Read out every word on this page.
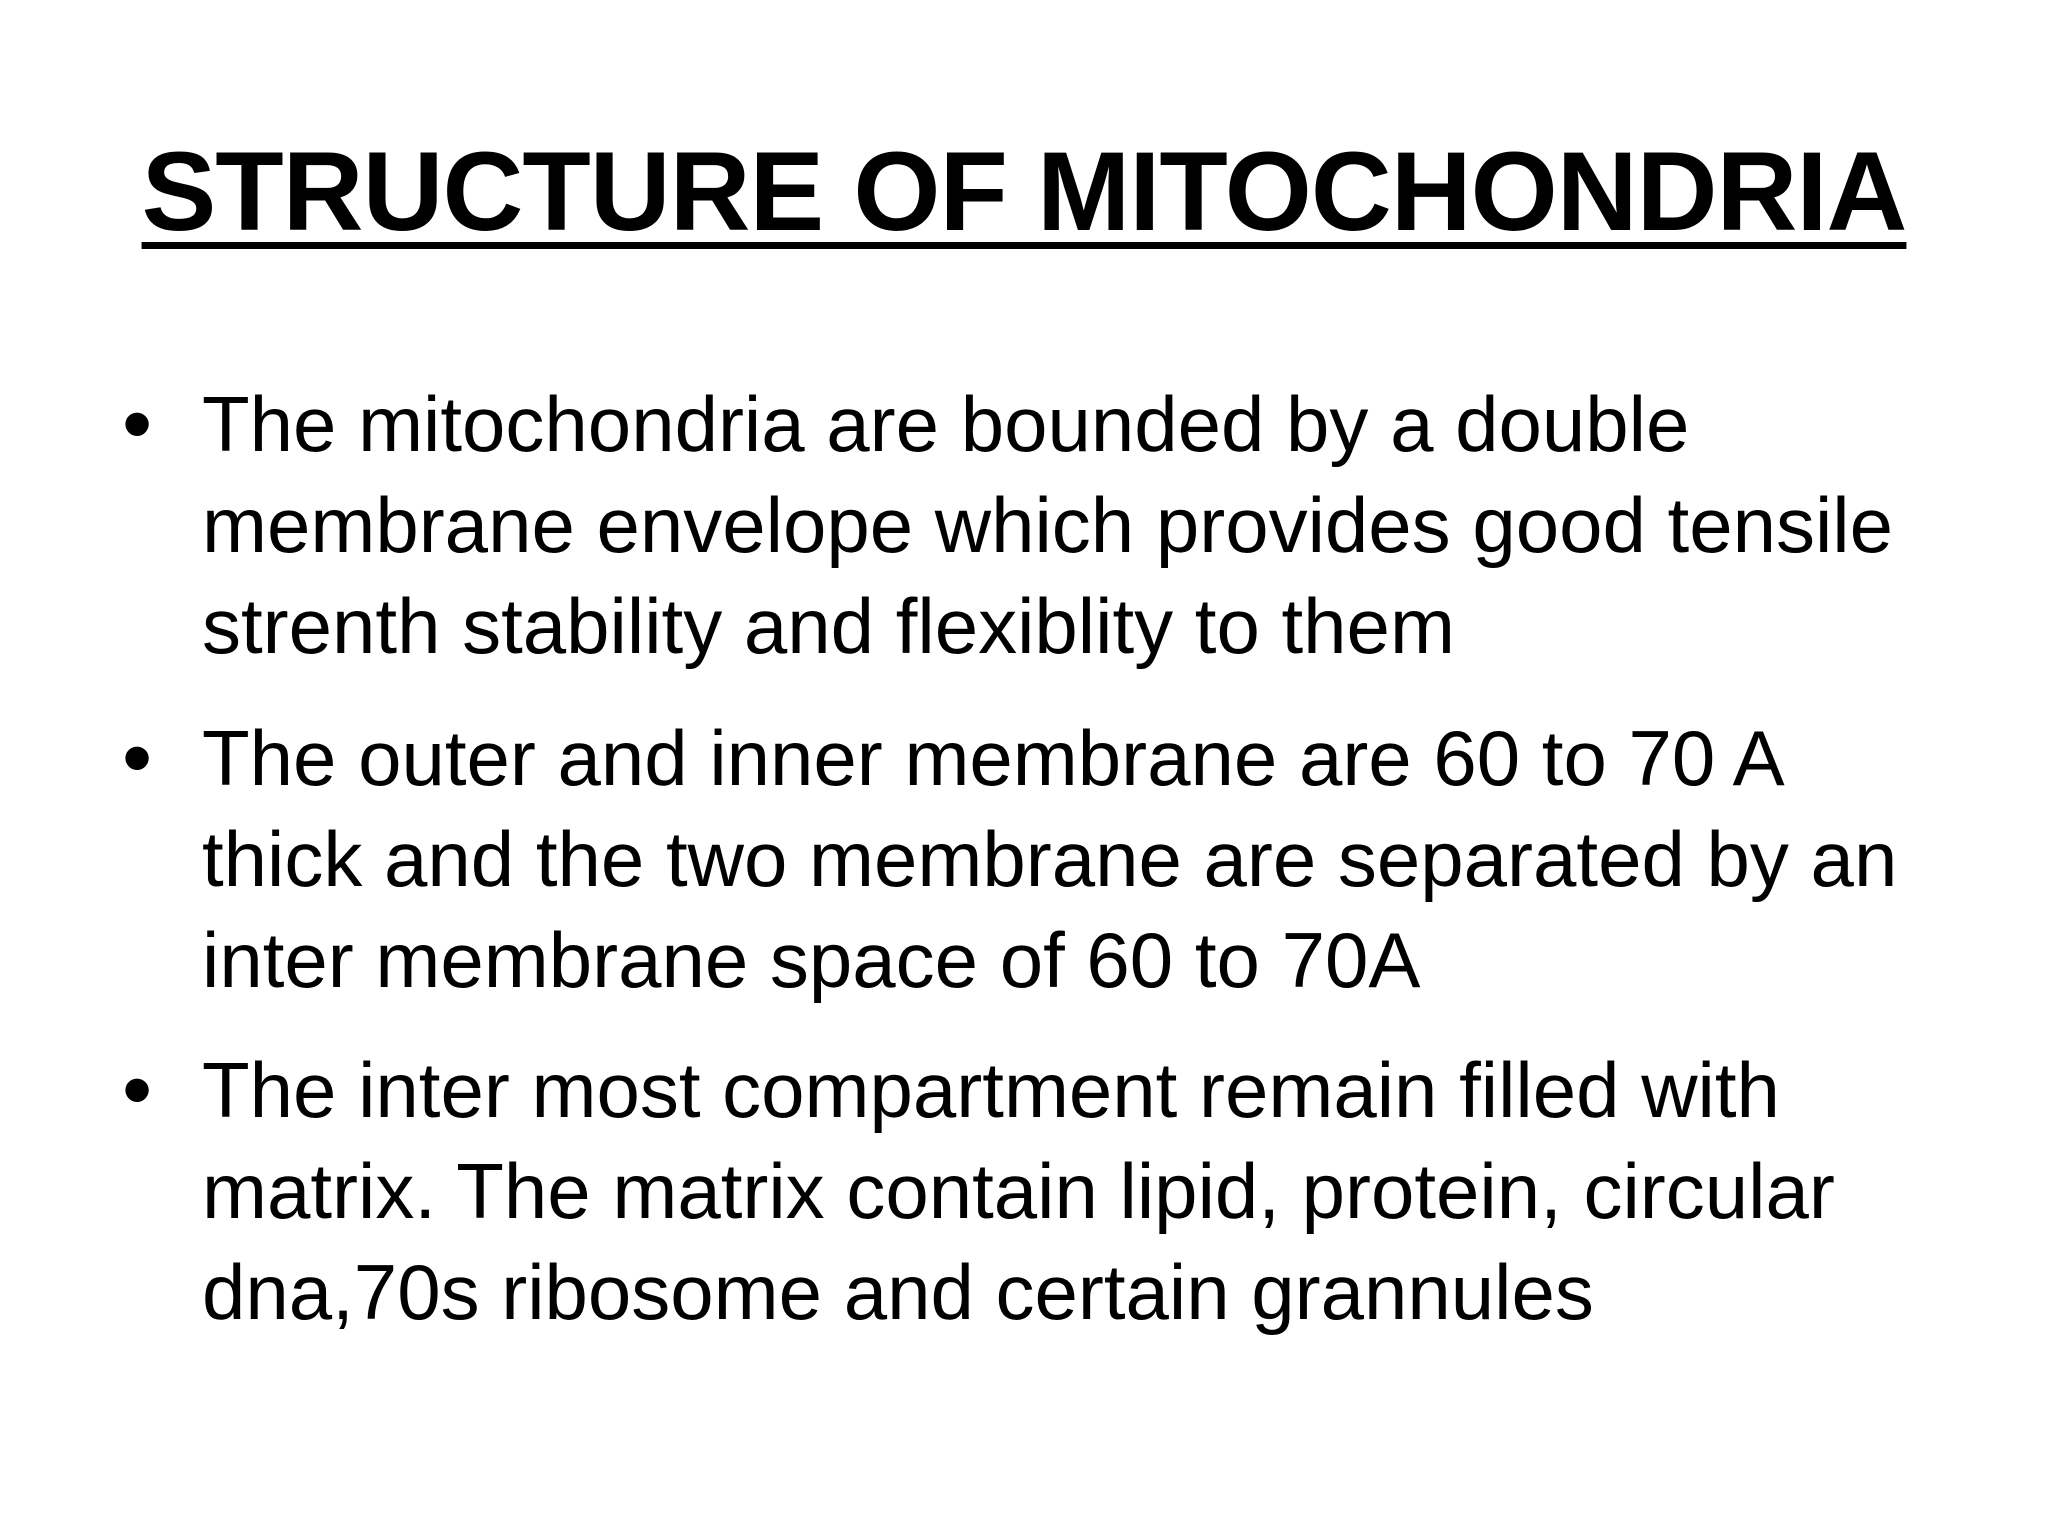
STRUCTURE OF MITOCHONDRIA
• The mitochondria are bounded by a double
membrane envelope which provides good tensile
strenth stability and flexiblity to them
• The outer and inner membrane are 60 to 70 A
thick and the two membrane are separated by an
inter membrane space of 60 to 70A
• The inter most compartment remain filled with
matrix. The matrix contain lipid, protein, circular
dna,70s ribosome and certain grannules
